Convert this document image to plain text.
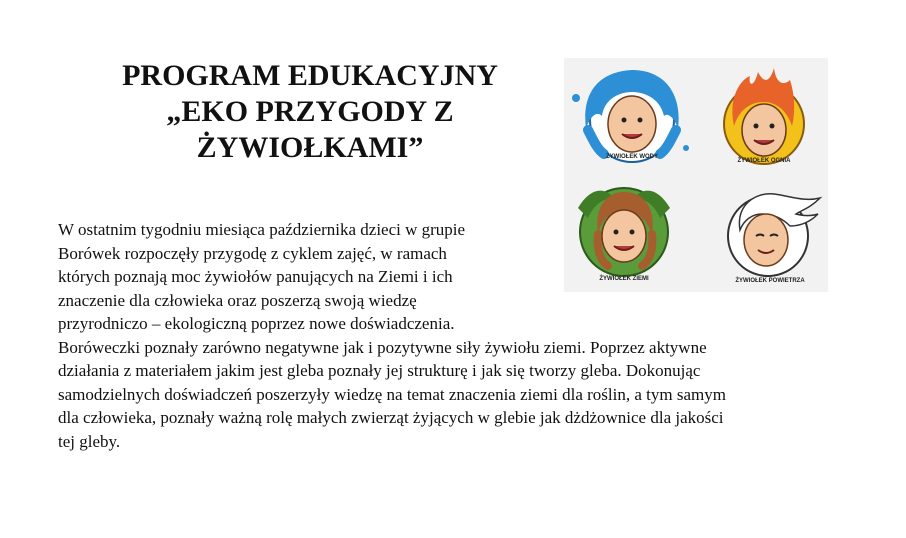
PROGRAM EDUKACYJNY
„EKO PRZYGODY Z
ŻYWIOŁKAMI”	ŻYWIOŁEK WODY
ŻYWIOŁEK OGNIA
ŻYWIOŁEK ZIEMI	ŻYWIOŁEK POWIETRZA
W ostatnim tygodniu miesiąca października dzieci w grupie
Borówek rozpoczęły przygodę z cyklem zajęć, w ramach
których poznają moc żywiołów panujących na Ziemi i ich
znaczenie dla człowieka oraz poszerzą swoją wiedzę
przyrodniczo – ekologiczną poprzez nowe doświadczenia.
Boróweczki poznały zarówno negatywne jak i pozytywne siły żywiołu ziemi. Poprzez aktywne
działania z materiałem jakim jest gleba poznały jej strukturę i jak się tworzy gleba. Dokonując
samodzielnych doświadczeń poszerzyły wiedzę na temat znaczenia ziemi dla roślin, a tym samym
dla człowieka, poznały ważną rolę małych zwierząt żyjących w glebie jak dżdżownice dla jakości
tej gleby.
